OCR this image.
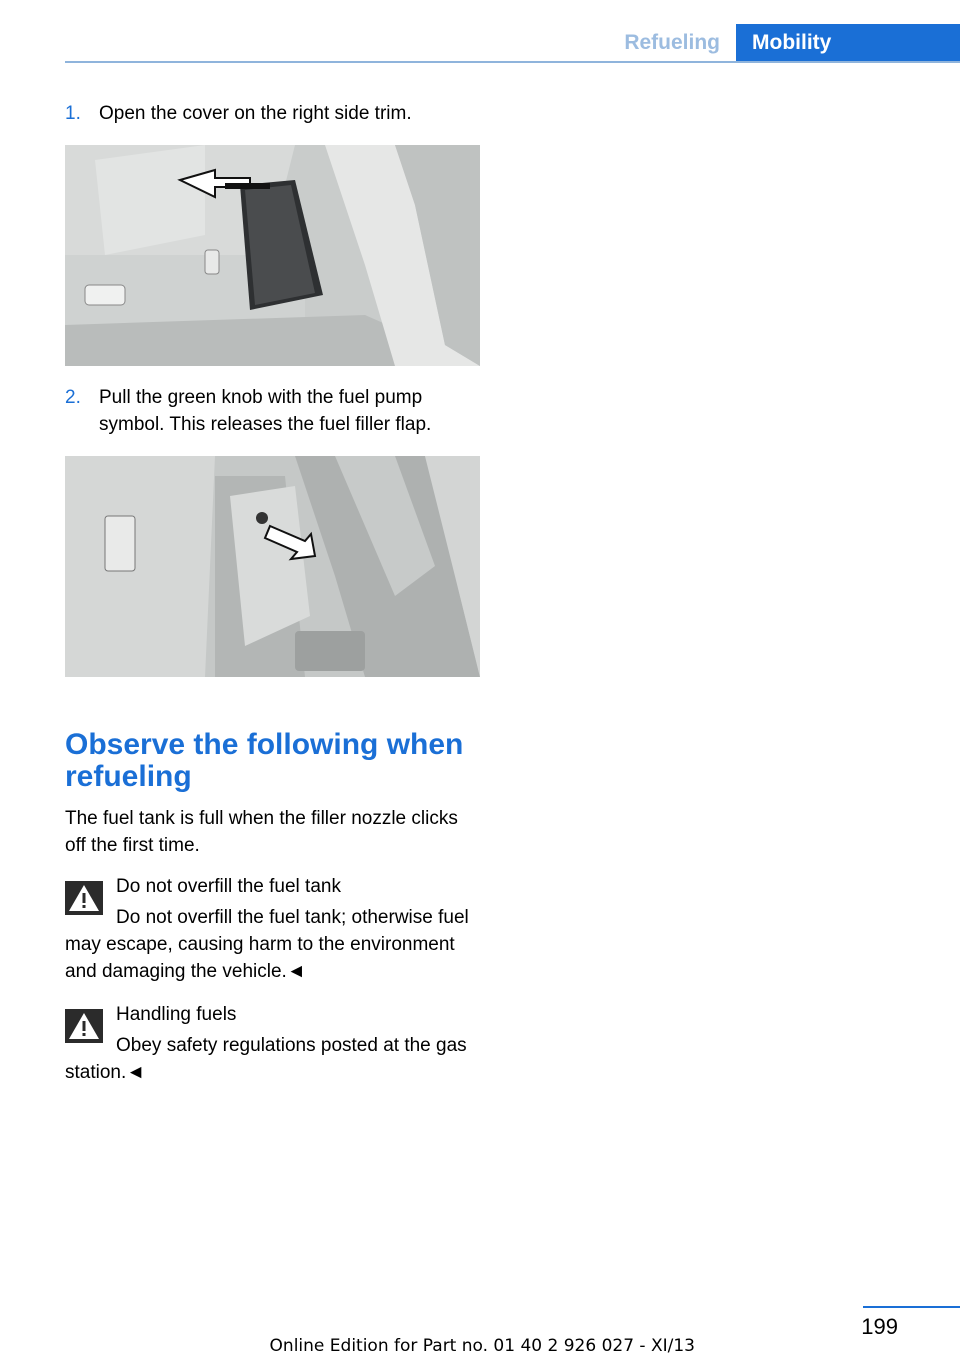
Refueling	Mobility
1. Open the cover on the right side trim.
2. Pull the green knob with the fuel pump symbol. This releases the fuel filler flap.
Observe the following when refueling

The fuel tank is full when the filler nozzle clicks off the first time.

Do not overfill the fuel tank
Do not overfill the fuel tank; otherwise fuel may escape, causing harm to the environment and damaging the vehicle.◄
Handling fuels
Obey safety regulations posted at the gas station.◄
199
Online Edition for Part no. 01 40 2 926 027 - XI/13
